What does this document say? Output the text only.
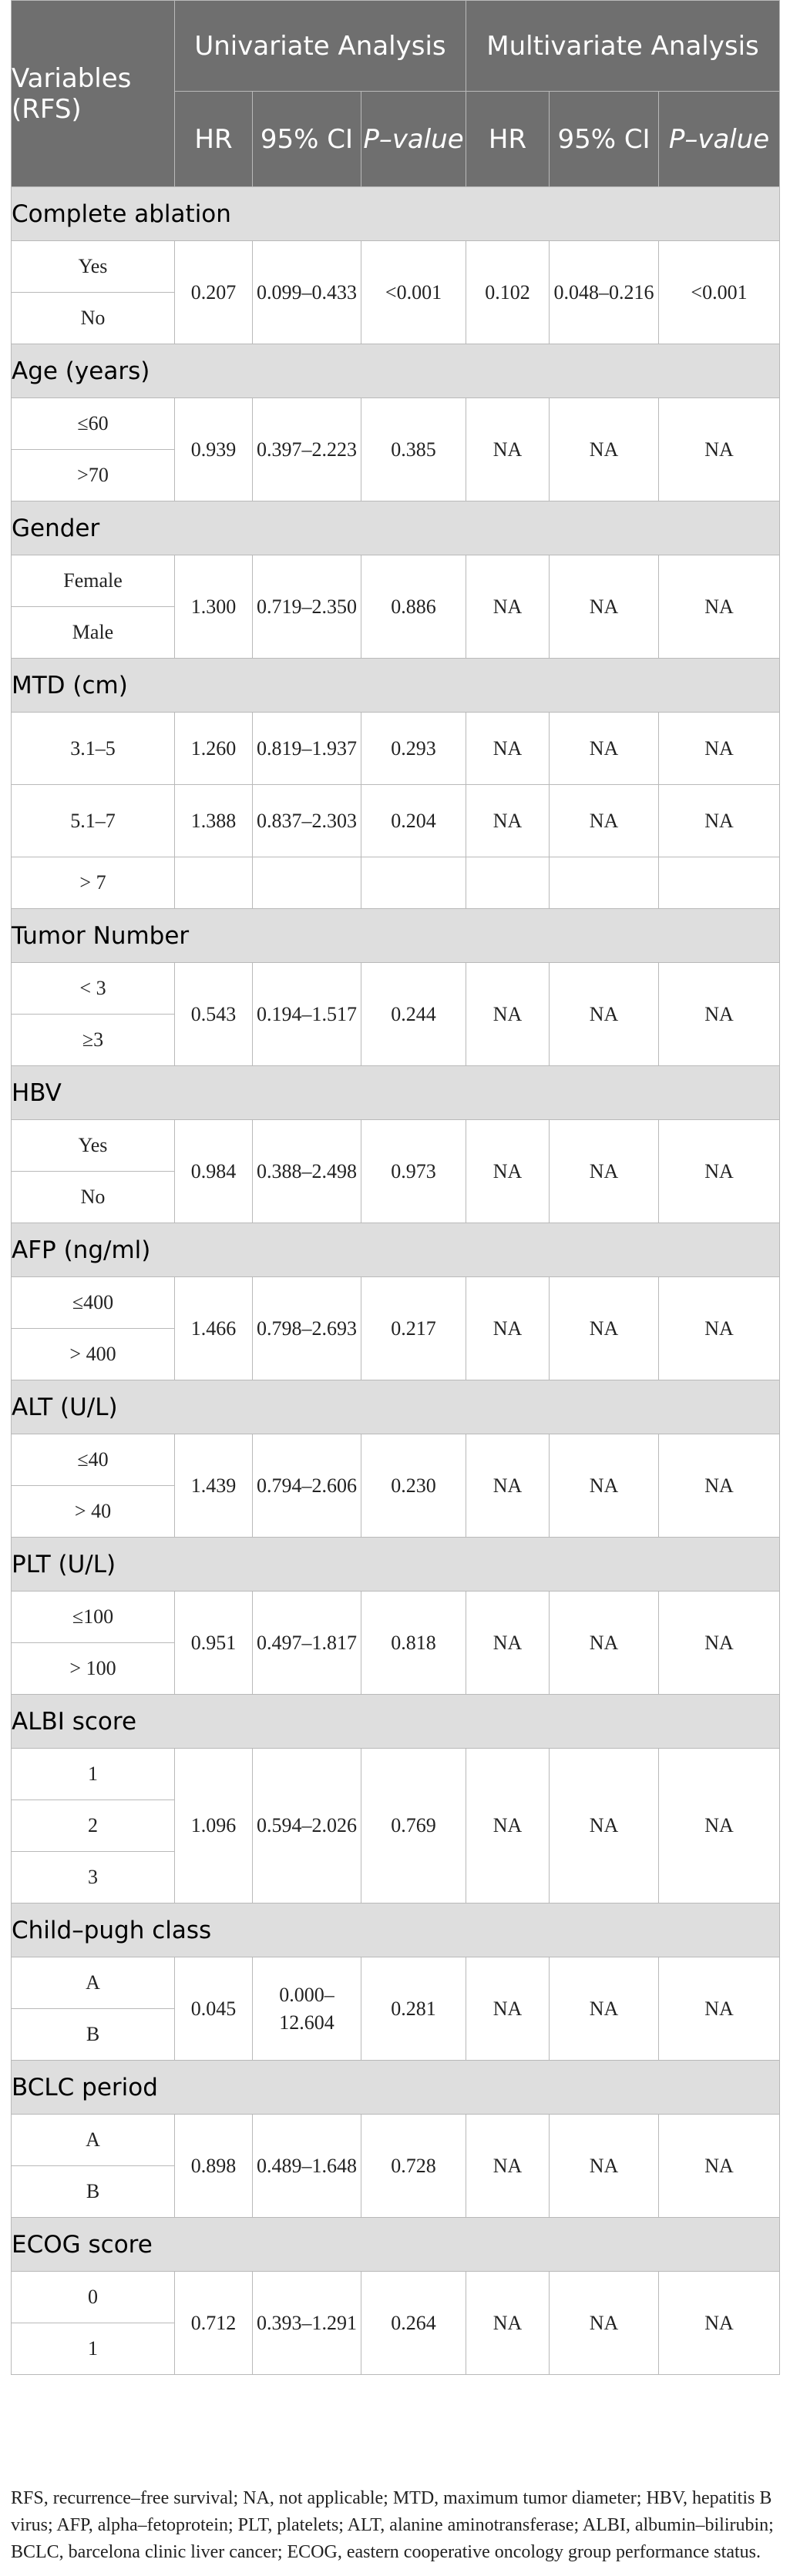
Variables (RFS)	Univariate Analysis			Multivariate Analysis		
	HR	95% CI	P–value	HR	95% CI	P–value
Complete ablation						
Yes	0.207	0.099–0.433	<0.001	0.102	0.048–0.216	<0.001
No						
Age (years)						
≤60	0.939	0.397–2.223	0.385	NA	NA	NA
>70						
Gender						
Female	1.300	0.719–2.350	0.886	NA	NA	NA
Male						
MTD (cm)						
3.1–5	1.260	0.819–1.937	0.293	NA	NA	NA
5.1–7	1.388	0.837–2.303	0.204	NA	NA	NA
> 7						
Tumor Number						
< 3	0.543	0.194–1.517	0.244	NA	NA	NA
≥3						
HBV						
Yes	0.984	0.388–2.498	0.973	NA	NA	NA
No						
AFP (ng/ml)						
≤400	1.466	0.798–2.693	0.217	NA	NA	NA
> 400						
ALT (U/L)						
≤40	1.439	0.794–2.606	0.230	NA	NA	NA
> 40						
PLT (U/L)						
≤100	0.951	0.497–1.817	0.818	NA	NA	NA
> 100						
ALBI score						
1	1.096	0.594–2.026	0.769	NA	NA	NA
2						
3						
Child–pugh class						
A	0.045	0.000–12.604	0.281	NA	NA	NA
B						
BCLC period						
A	0.898	0.489–1.648	0.728	NA	NA	NA
B						
ECOG score						
0	0.712	0.393–1.291	0.264	NA	NA	NA
1						
RFS, recurrence–free survival; NA, not applicable; MTD, maximum tumor diameter; HBV, hepatitis B virus; AFP, alpha–fetoprotein; PLT, platelets; ALT, alanine aminotransferase; ALBI, albumin–bilirubin; BCLC, barcelona clinic liver cancer; ECOG, eastern cooperative oncology group performance status.
